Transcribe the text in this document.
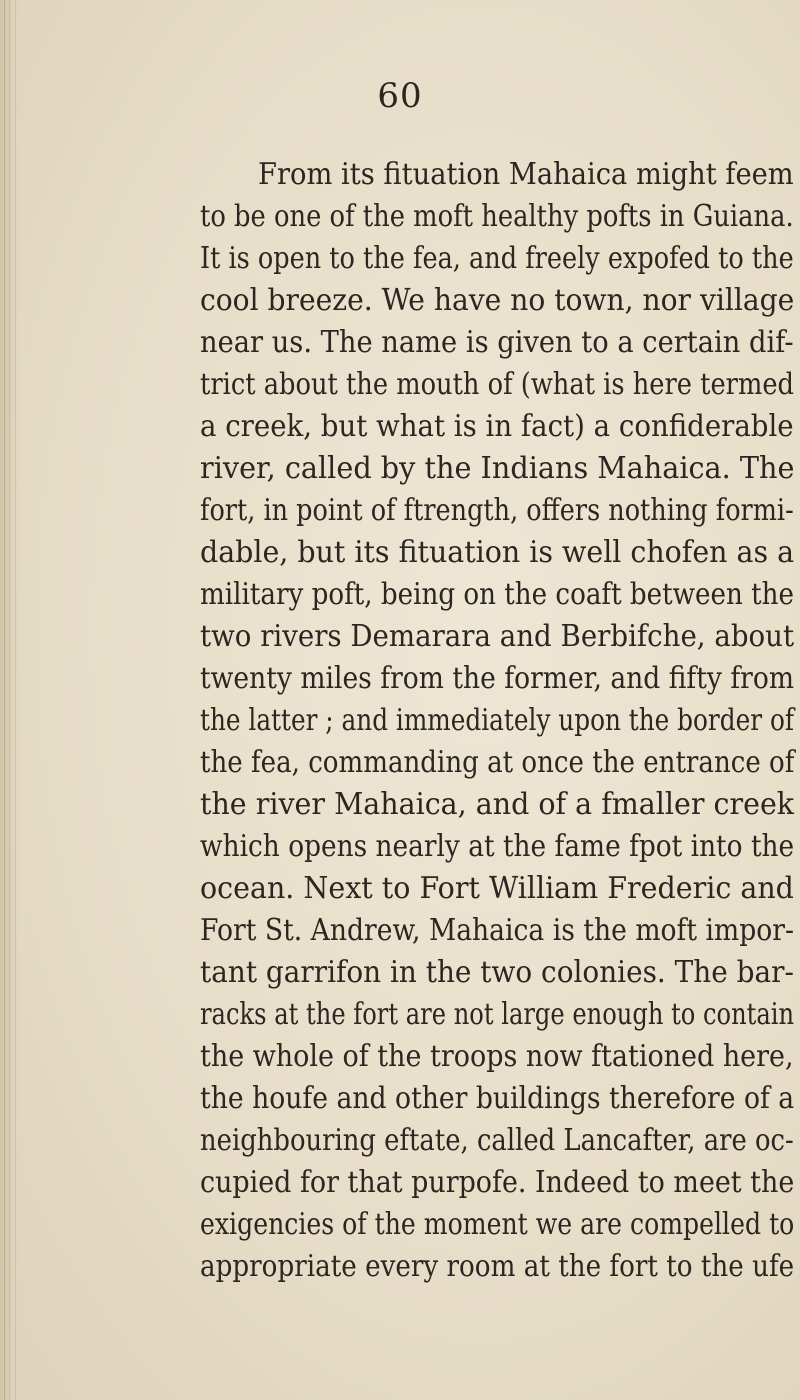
60
From its fituation Mahaica might feem
to be one of the moft healthy pofts in Guiana.
It is open to the fea, and freely expofed to the
cool breeze. We have no town, nor village
near us. The name is given to a certain dif-
trict about the mouth of (what is here termed
a creek, but what is in fact) a confiderable
river, called by the Indians Mahaica. The
fort, in point of ftrength, offers nothing formi-
dable, but its fituation is well chofen as a
military poft, being on the coaft between the
two rivers Demarara and Berbifche, about
twenty miles from the former, and fifty from
the latter ; and immediately upon the border of
the fea, commanding at once the entrance of
the river Mahaica, and of a fmaller creek
which opens nearly at the fame fpot into the
ocean. Next to Fort William Frederic and
Fort St. Andrew, Mahaica is the moft impor-
tant garrifon in the two colonies. The bar-
racks at the fort are not large enough to contain
the whole of the troops now ftationed here,
the houfe and other buildings therefore of a
neighbouring eftate, called Lancafter, are oc-
cupied for that purpofe. Indeed to meet the
exigencies of the moment we are compelled to
appropriate every room at the fort to the ufe
